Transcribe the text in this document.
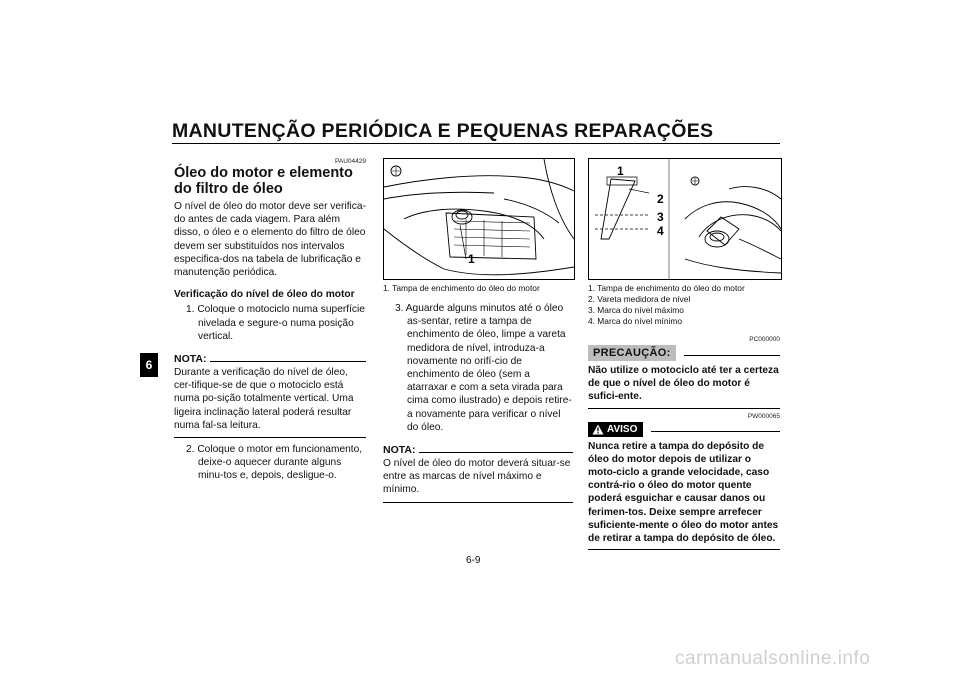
MANUTENÇÃO PERIÓDICA E PEQUENAS REPARAÇÕES
6
PAU04429
Óleo do motor e elemento do filtro de óleo

O nível de óleo do motor deve ser verifica-do antes de cada viagem. Para além disso, o óleo e o elemento do filtro de óleo devem ser substituídos nos intervalos especifica-dos na tabela de lubrificação e manutenção periódica.

Verificação do nível de óleo do motor

1. Coloque o motociclo numa superfície nivelada e segure-o numa posição vertical.

NOTA:

Durante a verificação do nível de óleo, cer-tifique-se de que o motociclo está numa po-sição totalmente vertical. Uma ligeira inclinação lateral poderá resultar numa fal-sa leitura.

2. Coloque o motor em funcionamento, deixe-o aquecer durante alguns minu-tos e, depois, desligue-o.

1
1. Tampa de enchimento do óleo do motor

3. Aguarde alguns minutos até o óleo as-sentar, retire a tampa de enchimento de óleo, limpe a vareta medidora de nível, introduza-a novamente no orifí-cio de enchimento de óleo (sem a atarraxar e com a seta virada para cima como ilustrado) e depois retire-a novamente para verificar o nível do óleo.

NOTA:

O nível de óleo do motor deverá situar-se entre as marcas de nível máximo e mínimo.

1
2
3
4
1. Tampa de enchimento do óleo do motor
2. Vareta medidora de nível
3. Marca do nível máximo
4. Marca do nível mínimo
PC000000
PRECAUÇÃO:

Não utilize o motociclo até ter a certeza de que o nível de óleo do motor é sufici-ente.

PW000065
AVISO

Nunca retire a tampa do depósito de óleo do motor depois de utilizar o moto-ciclo a grande velocidade, caso contrá-rio o óleo do motor quente poderá esguichar e causar danos ou ferimen-tos. Deixe sempre arrefecer suficiente-mente o óleo do motor antes de retirar a tampa do depósito de óleo.

6-9
carmanualsonline.info
